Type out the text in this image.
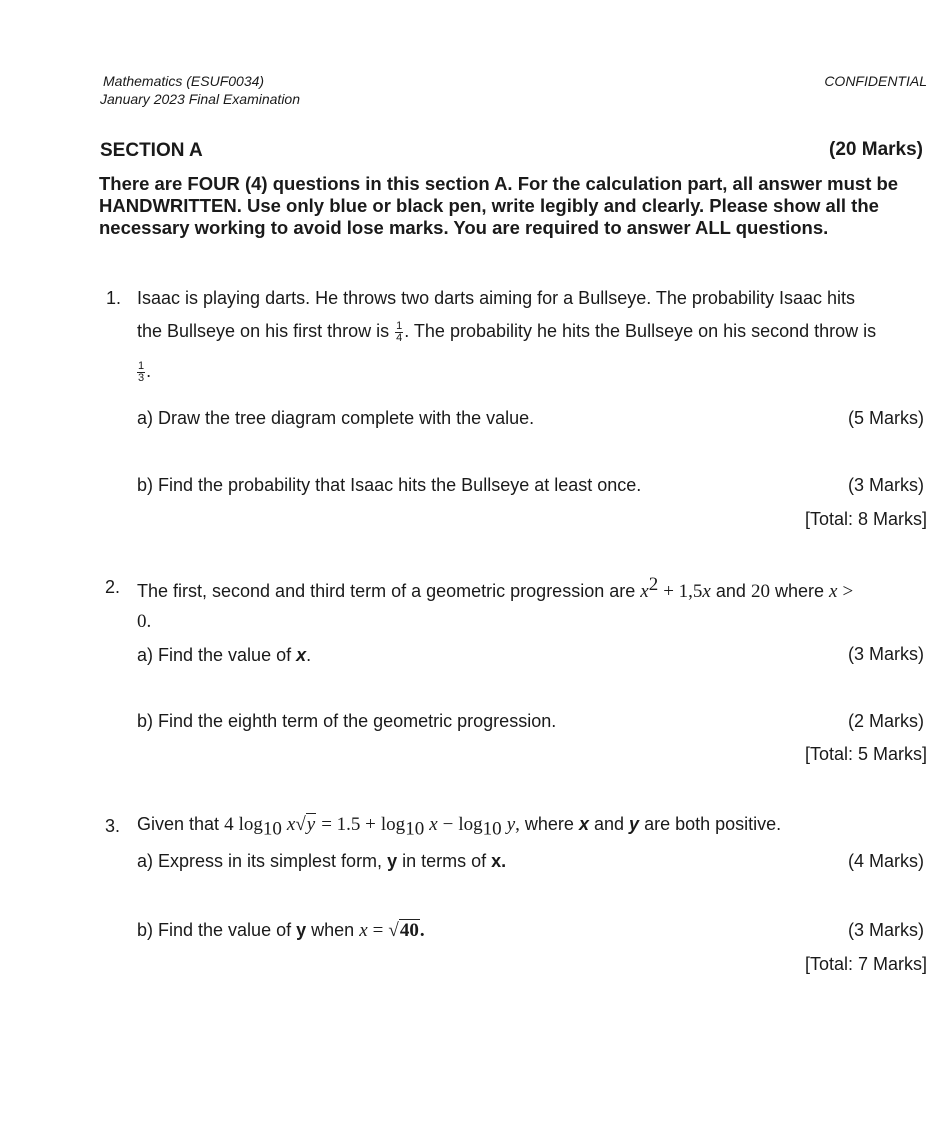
Mathematics (ESUF0034)
January 2023 Final Examination
CONFIDENTIAL
SECTION A	(20 Marks)
There are FOUR (4) questions in this section A. For the calculation part, all answer must be HANDWRITTEN. Use only blue or black pen, write legibly and clearly. Please show all the necessary working to avoid lose marks. You are required to answer ALL questions.
1. Isaac is playing darts. He throws two darts aiming for a Bullseye. The probability Isaac hits
the Bullseye on his first throw is $\frac{1}{4}$ . The probability he hits the Bullseye on his second throw is
$\frac{1}{3}$ .
a) Draw the tree diagram complete with the value.	(5 Marks)
b) Find the probability that Isaac hits the Bullseye at least once.	(3 Marks)
[Total: 8 Marks]
2. The first, second and third term of a geometric progression are $x^2 + 1,5x$ and 20 where x >
0.
a) Find the value of x.	(3 Marks)
b) Find the eighth term of the geometric progression.	(2 Marks)
[Total: 5 Marks]
3. Given that 4 $\log_{10} x√y = 1.5 + \log_{10} x - \log_{10} y$, where x and y are both positive.
a) Express in its simplest form, y in terms of x.	(4 Marks)
b) Find the value of y when x = √40.	(3 Marks)
[Total: 7 Marks]
